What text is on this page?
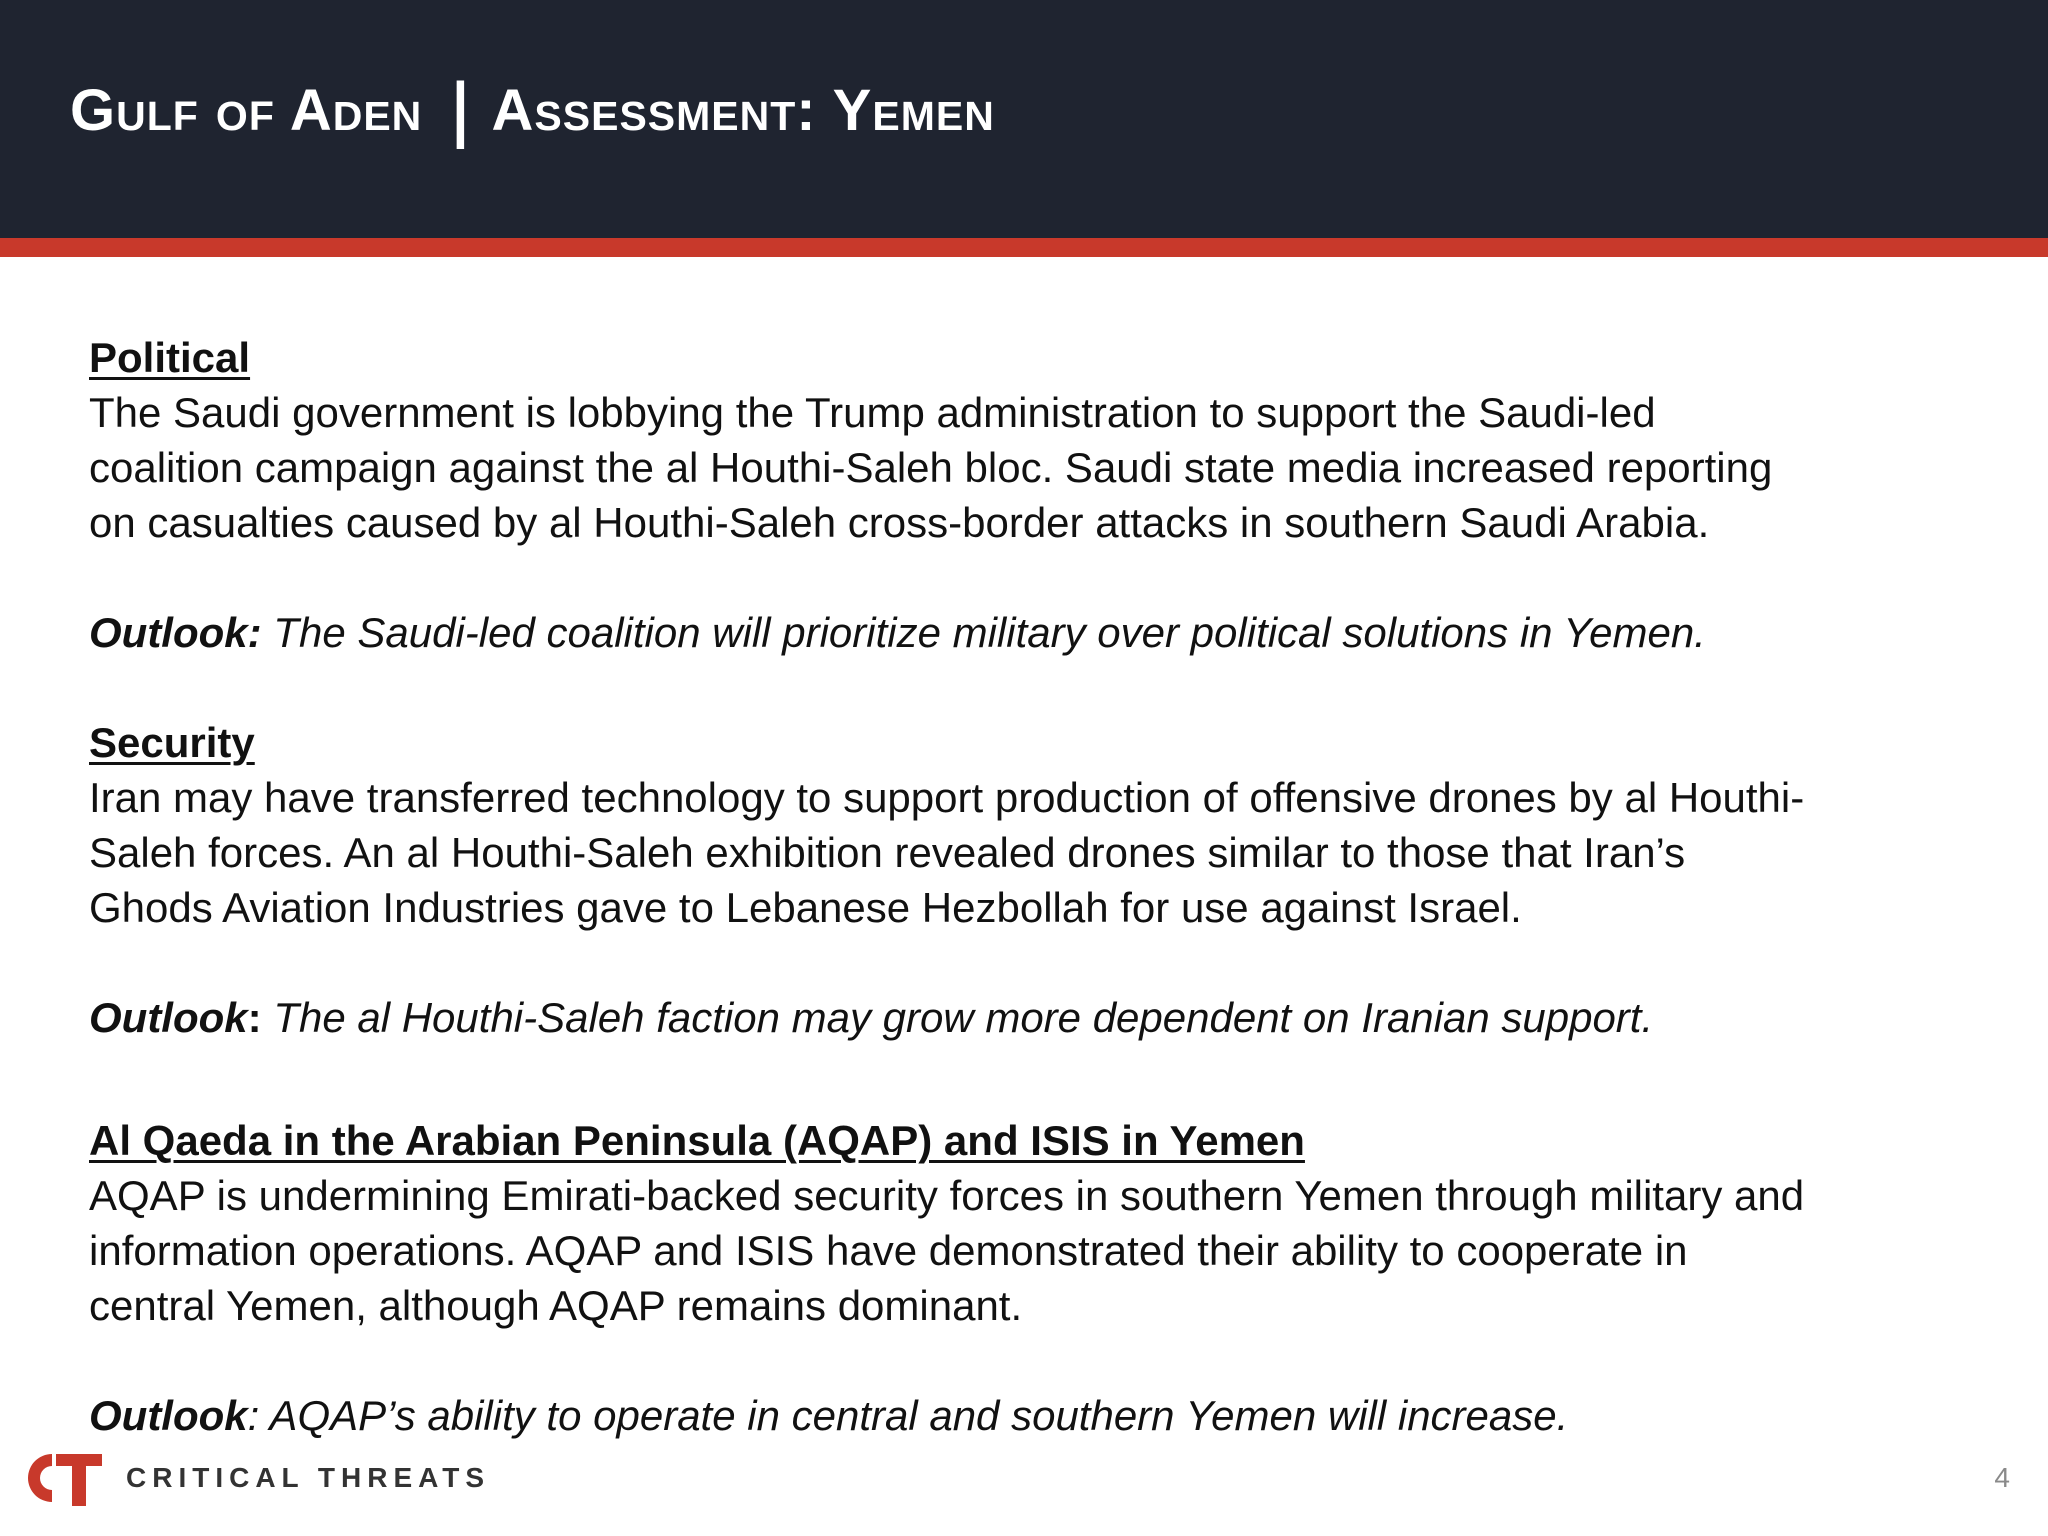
Gulf of Aden | Assessment: Yemen

Political

The Saudi government is lobbying the Trump administration to support the Saudi-led
coalition campaign against the al Houthi-Saleh bloc. Saudi state media increased reporting
on casualties caused by al Houthi-Saleh cross-border attacks in southern Saudi Arabia.

Outlook: The Saudi-led coalition will prioritize military over political solutions in Yemen.

Security

Iran may have transferred technology to support production of offensive drones by al Houthi-
Saleh forces. An al Houthi-Saleh exhibition revealed drones similar to those that Iran’s
Ghods Aviation Industries gave to Lebanese Hezbollah for use against Israel.

Outlook: The al Houthi-Saleh faction may grow more dependent on Iranian support.

Al Qaeda in the Arabian Peninsula (AQAP) and ISIS in Yemen

AQAP is undermining Emirati-backed security forces in southern Yemen through military and
information operations. AQAP and ISIS have demonstrated their ability to cooperate in
central Yemen, although AQAP remains dominant.

Outlook: AQAP’s ability to operate in central and southern Yemen will increase.

CRITICAL THREATS	4
